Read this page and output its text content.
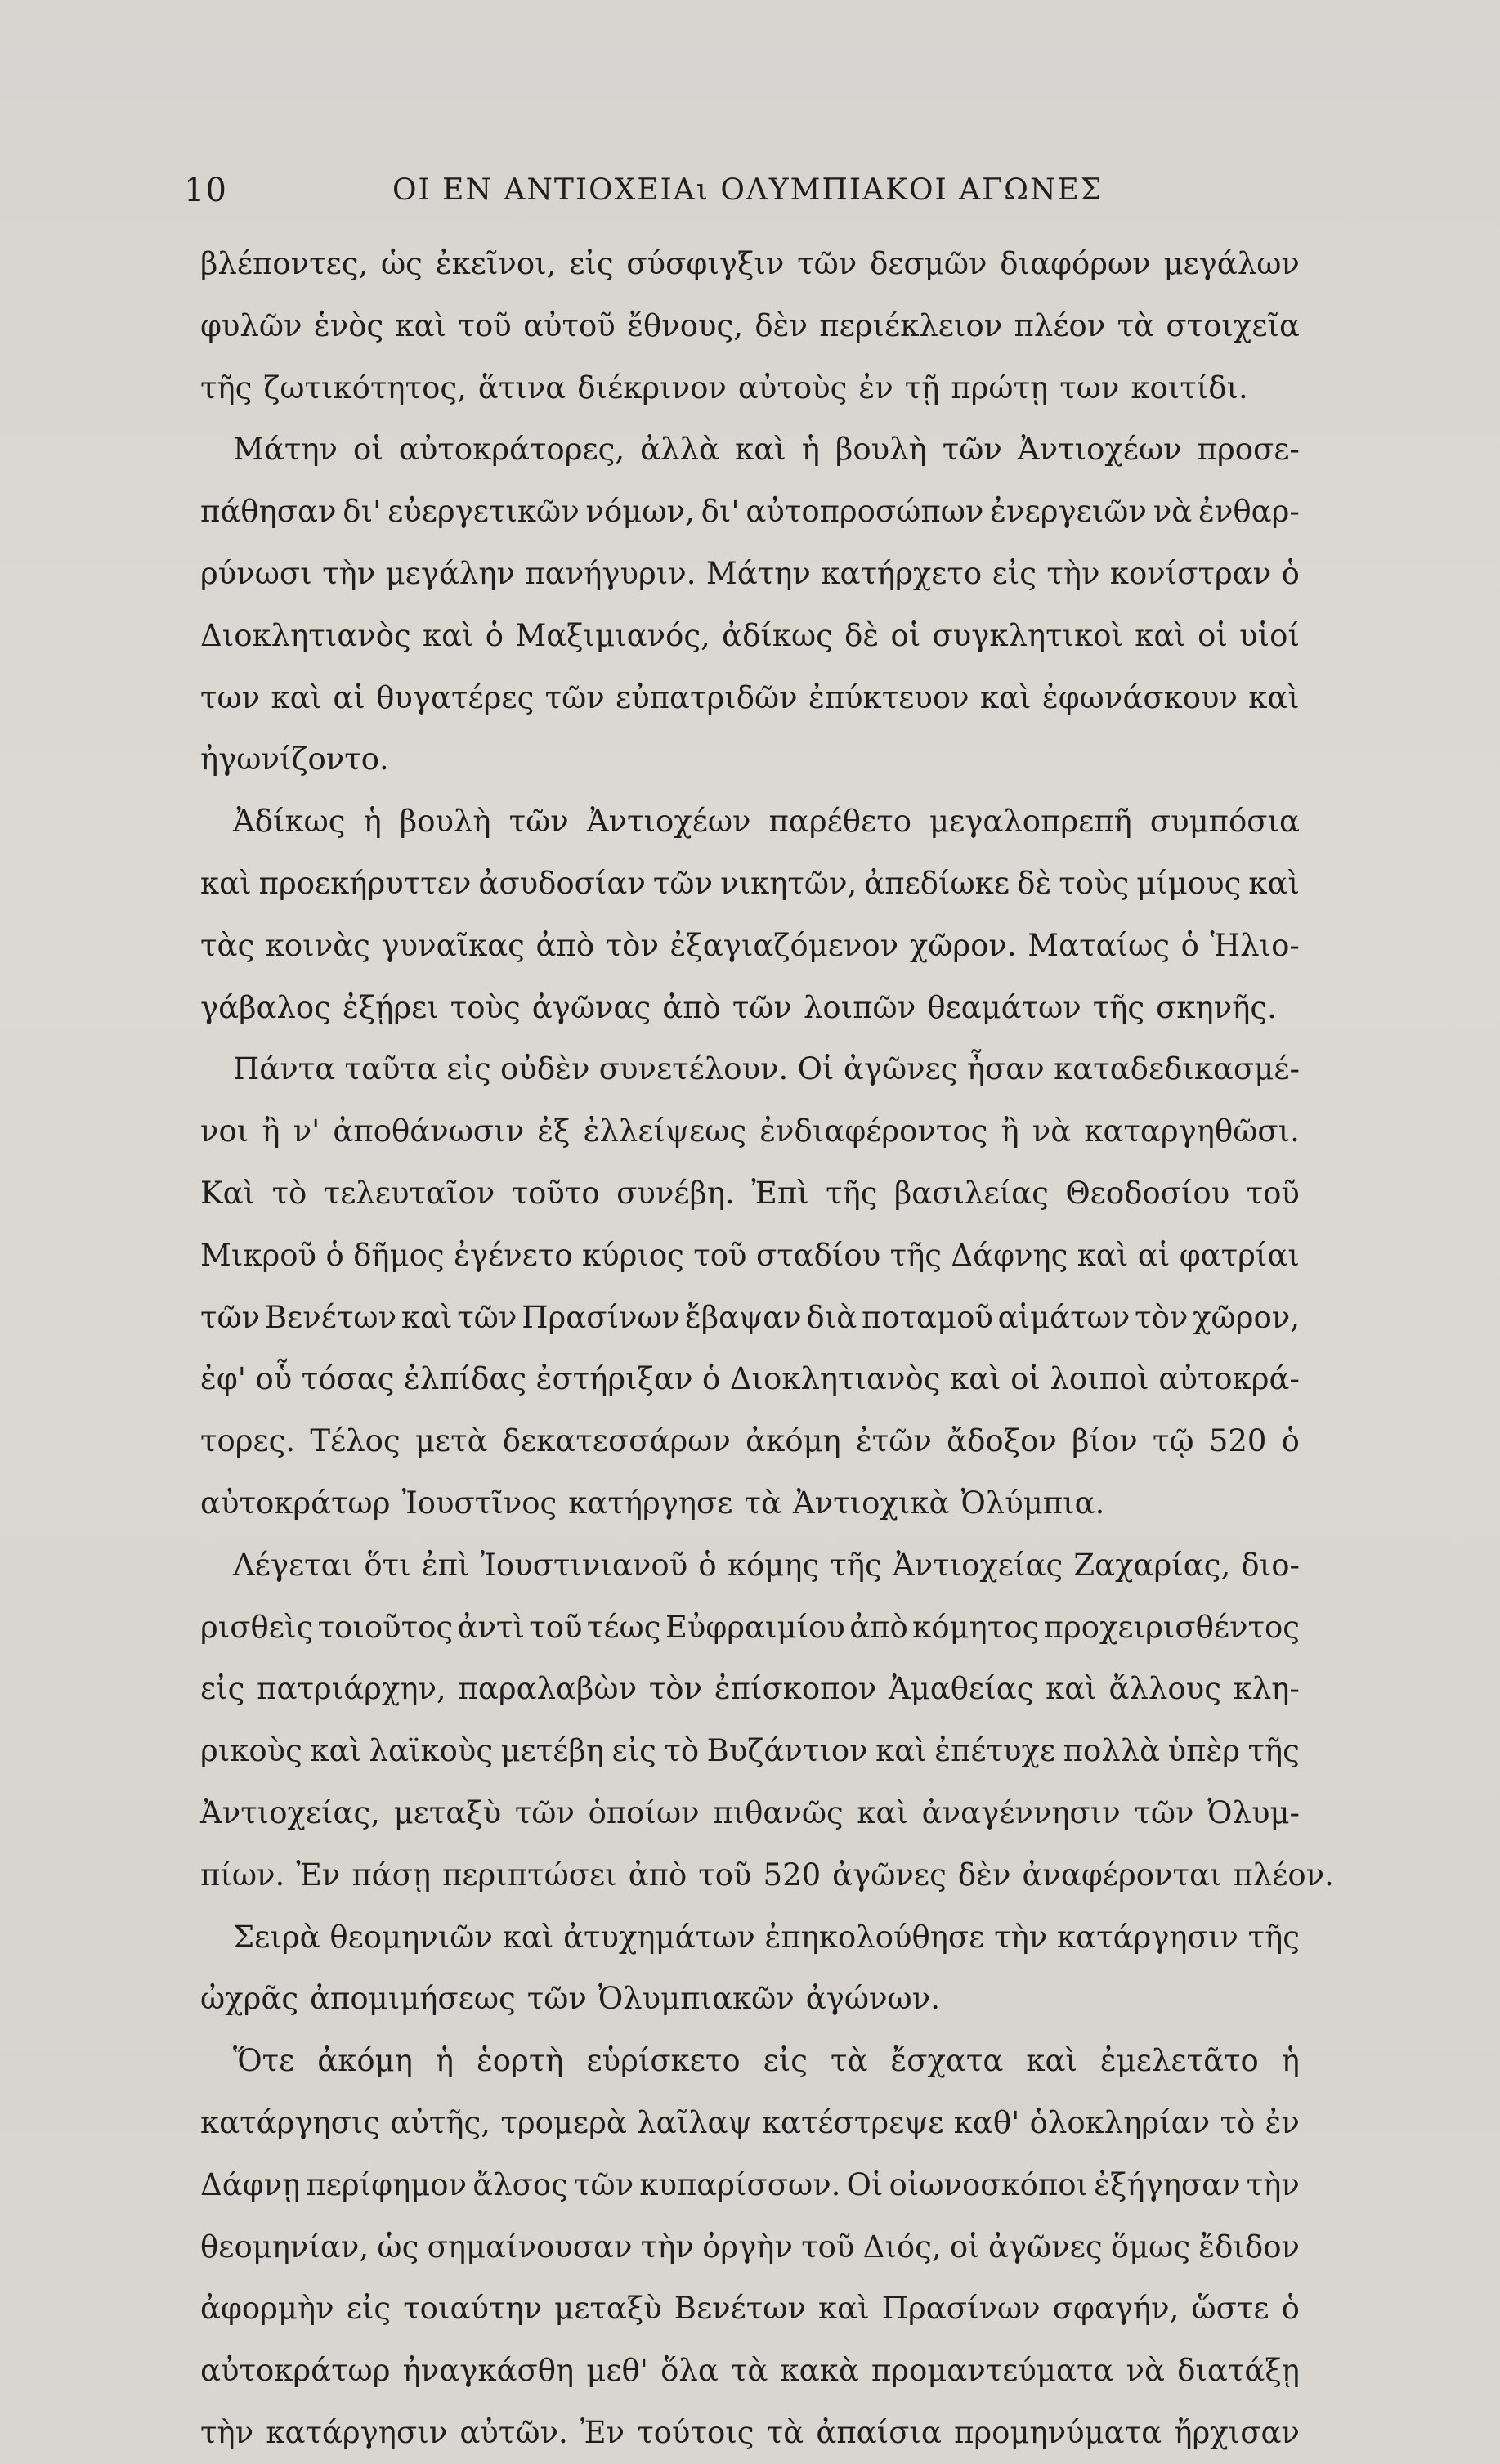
10	ΟΙ ΕΝ ΑΝΤΙΟΧΕΙΑι ΟΛΥΜΠΙΑΚΟΙ ΑΓΩΝΕΣ
βλέποντες, ὡς ἐκεῖνοι, εἰς σύσφιγξιν τῶν δεσμῶν διαφόρων μεγάλων
φυλῶν ἑνὸς καὶ τοῦ αὐτοῦ ἔθνους, δὲν περιέκλειον πλέον τὰ στοιχεῖα
τῆς ζωτικότητος, ἅτινα διέκρινον αὐτοὺς ἐν τῇ πρώτῃ των κοιτίδι.
Μάτην οἱ αὐτοκράτορες, ἀλλὰ καὶ ἡ βουλὴ τῶν Ἀντιοχέων προσε-
πάθησαν δι' εὐεργετικῶν νόμων, δι' αὐτοπροσώπων ἐνεργειῶν νὰ ἐνθαρ-
ρύνωσι τὴν μεγάλην πανήγυριν. Μάτην κατήρχετο εἰς τὴν κονίστραν ὁ
Διοκλητιανὸς καὶ ὁ Μαξιμιανός, ἀδίκως δὲ οἱ συγκλητικοὶ καὶ οἱ υἱοί
των καὶ αἱ θυγατέρες τῶν εὐπατριδῶν ἐπύκτευον καὶ ἐφωνάσκουν καὶ
ἠγωνίζοντο.
Ἀδίκως ἡ βουλὴ τῶν Ἀντιοχέων παρέθετο μεγαλοπρεπῆ συμπόσια
καὶ προεκήρυττεν ἀσυδοσίαν τῶν νικητῶν, ἀπεδίωκε δὲ τοὺς μίμους καὶ
τὰς κοινὰς γυναῖκας ἀπὸ τὸν ἐξαγιαζόμενον χῶρον. Ματαίως ὁ Ἡλιο-
γάβαλος ἐξῄρει τοὺς ἀγῶνας ἀπὸ τῶν λοιπῶν θεαμάτων τῆς σκηνῆς.
Πάντα ταῦτα εἰς οὐδὲν συνετέλουν. Οἱ ἀγῶνες ἦσαν καταδεδικασμέ-
νοι ἢ ν' ἀποθάνωσιν ἐξ ἐλλείψεως ἐνδιαφέροντος ἢ νὰ καταργηθῶσι.
Καὶ τὸ τελευταῖον τοῦτο συνέβη. Ἐπὶ τῆς βασιλείας Θεοδοσίου τοῦ
Μικροῦ ὁ δῆμος ἐγένετο κύριος τοῦ σταδίου τῆς Δάφνης καὶ αἱ φατρίαι
τῶν Βενέτων καὶ τῶν Πρασίνων ἔβαψαν διὰ ποταμοῦ αἱμάτων τὸν χῶρον,
ἐφ' οὗ τόσας ἐλπίδας ἐστήριξαν ὁ Διοκλητιανὸς καὶ οἱ λοιποὶ αὐτοκρά-
τορες. Τέλος μετὰ δεκατεσσάρων ἀκόμη ἐτῶν ἄδοξον βίον τῷ 520 ὁ
αὐτοκράτωρ Ἰουστῖνος κατήργησε τὰ Ἀντιοχικὰ Ὀλύμπια.
Λέγεται ὅτι ἐπὶ Ἰουστινιανοῦ ὁ κόμης τῆς Ἀντιοχείας Ζαχαρίας, διο-
ρισθεὶς τοιοῦτος ἀντὶ τοῦ τέως Εὐφραιμίου ἀπὸ κόμητος προχειρισθέντος
εἰς πατριάρχην, παραλαβὼν τὸν ἐπίσκοπον Ἀμαθείας καὶ ἄλλους κλη-
ρικοὺς καὶ λαϊκοὺς μετέβη εἰς τὸ Βυζάντιον καὶ ἐπέτυχε πολλὰ ὑπὲρ τῆς
Ἀντιοχείας, μεταξὺ τῶν ὁποίων πιθανῶς καὶ ἀναγέννησιν τῶν Ὀλυμ-
πίων. Ἐν πάσῃ περιπτώσει ἀπὸ τοῦ 520 ἀγῶνες δὲν ἀναφέρονται πλέον.
Σειρὰ θεομηνιῶν καὶ ἀτυχημάτων ἐπηκολούθησε τὴν κατάργησιν τῆς
ὠχρᾶς ἀπομιμήσεως τῶν Ὀλυμπιακῶν ἀγώνων.
Ὅτε ἀκόμη ἡ ἑορτὴ εὑρίσκετο εἰς τὰ ἔσχατα καὶ ἐμελετᾶτο ἡ
κατάργησις αὐτῆς, τρομερὰ λαῖλαψ κατέστρεψε καθ' ὁλοκληρίαν τὸ ἐν
Δάφνῃ περίφημον ἄλσος τῶν κυπαρίσσων. Οἱ οἰωνοσκόποι ἐξήγησαν τὴν
θεομηνίαν, ὡς σημαίνουσαν τὴν ὀργὴν τοῦ Διός, οἱ ἀγῶνες ὅμως ἔδιδον
ἀφορμὴν εἰς τοιαύτην μεταξὺ Βενέτων καὶ Πρασίνων σφαγήν, ὥστε ὁ
αὐτοκράτωρ ἠναγκάσθη μεθ' ὅλα τὰ κακὰ προμαντεύματα νὰ διατάξῃ
τὴν κατάργησιν αὐτῶν. Ἐν τούτοις τὰ ἀπαίσια προμηνύματα ἤρχισαν
